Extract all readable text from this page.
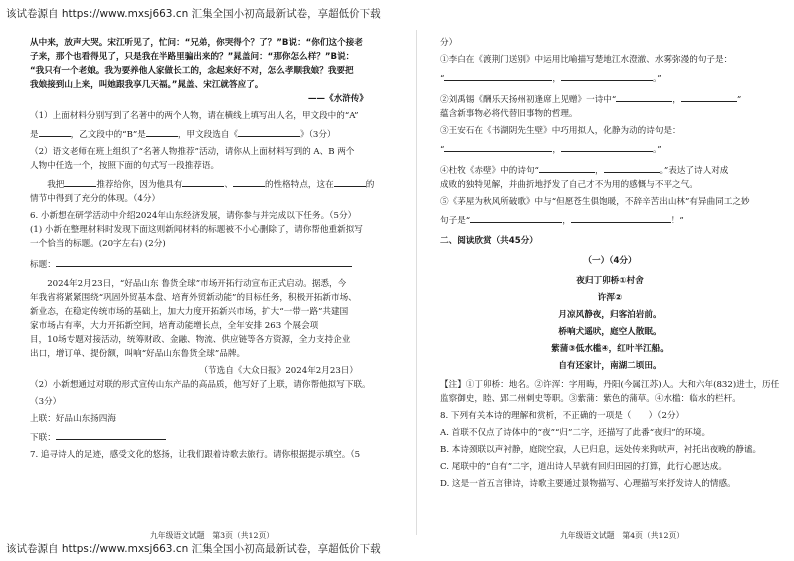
该试卷源自 https://www.mxsj663.cn 汇集全国小初高最新试卷，享超低价下载

从中来，放声大哭。宋江听见了，忙问：“兄弟，你哭得个？了？”B说：“你们这个接老

子来，那个也看得见了，只是我在半路里骗出来的？”晁盖问：“那你怎么样？”B说：

“我只有一个老娘。我为要养他人家做长工的，念起来好不对，怎么孝顺我娘？我要把

我娘接到山上来，叫她跟我享几天福。”晁盖、宋江就答应了。

——《水浒传》

（1）上面材料分别写到了名著中的两个人物，请在横线上填写出人名，甲文段中的“A”

是	，乙文段中的“B”是	，甲文段选自《	》（3分）

（2）语文老师在班上组织了“名著人物推荐”活动，请你从上面材料写到的 A、B 两个

人物中任选一个，按照下面的句式写一段推荐语。

我把	推荐给你，因为他具有	、	的性格特点，这在	的

情节中得到了充分的体现。（4分）

6. 小新想在研学活动中介绍2024年山东经济发展，请你参与并完成以下任务。（5分）

(1) 小新在整理材料时发现下面这则新闻材料的标题被不小心删除了，请你帮他重新拟写

一个恰当的标题。(20字左右) (2分)

标题：

2024年2月23日，“好品山东 鲁货全球”市场开拓行动宣布正式启动。据悉，今

年我省将紧紧围绕“巩固外贸基本盘、培育外贸新动能”的目标任务，积极开拓新市场、

新业态，在稳定传统市场的基础上，加大力度开拓新兴市场，扩大“一带一路”共建国

家市场占有率，大力开拓新空间，培育动能增长点，全年安排 263 个展会项

目，10场专题对接活动，统筹财政、金融、物流、供应链等各方资源，全力支持企业

出口，增订单、提份额，叫响“好品山东鲁货全球”品牌。

（节选自《大众日报》2024年2月23日）

（2）小新想通过对联的形式宣传山东产品的高品质，他写好了上联，请你帮他拟写下联。

（3分）

上联：好品山东扬四海

下联：

7. 追寻诗人的足迹，感受文化的悠扬，让我们跟着诗歌去旅行。请你根据提示填空。（5

九年级语文试题　第3页（共12页）

分）

①李白在《渡荆门送别》中运用比喻描写楚地江水澄澈、水雾弥漫的句子是：

“	，	。”

②刘禹锡《酬乐天扬州初逢席上见赠》一诗中“	，	”

蕴含新事物必将代替旧事物的哲理。

③王安石在《书湖阴先生壁》中巧用拟人，化静为动的诗句是：

“	，	。”

④杜牧《赤壁》中的诗句“	，	。”表达了诗人对成

成败的独特见解，并曲折地抒发了自己才不为用的感慨与不平之气。

⑤《茅屋为秋风所破歌》中与“但愿苍生俱饱暖，不辞辛苦出山林”有异曲同工之妙

句子是“	，	！”

二、阅读欣赏（共45分）

（一）（4分）

夜归丁卯桥①村舍

许浑②

月凉风静夜，归客泊岩前。

桥响犬遥吠，庭空人散眠。

紫蒲③低水槛④，红叶半江船。

自有还家计，南湖二顷田。

【注】①丁卯桥：地名。②许浑：字用晦，丹阳(今属江苏)人。大和六年(832)进士，历任

监察御史，睦、郢二州刺史等职。③紫蒲：紫色的蒲草。④水槛：临水的栏杆。

8. 下列有关本诗的理解和赏析，不正确的一项是（　　）（2分）

A. 首联不仅点了诗体中的“夜”“归”二字，还描写了此番“夜归”的环境。

B. 本诗颈联以声衬静，庭院空寂，人已归息，远处传来狗吠声，衬托出夜晚的静谧。

C. 尾联中的“自有”二字，道出诗人早就有回归田园的打算，此行心愿达成。

D. 这是一首五言律诗，诗歌主要通过景物描写、心理描写来抒发诗人的情感。

九年级语文试题　第4页（共12页）
该试卷源自 https://www.mxsj663.cn 汇集全国小初高最新试卷，享超低价下载
